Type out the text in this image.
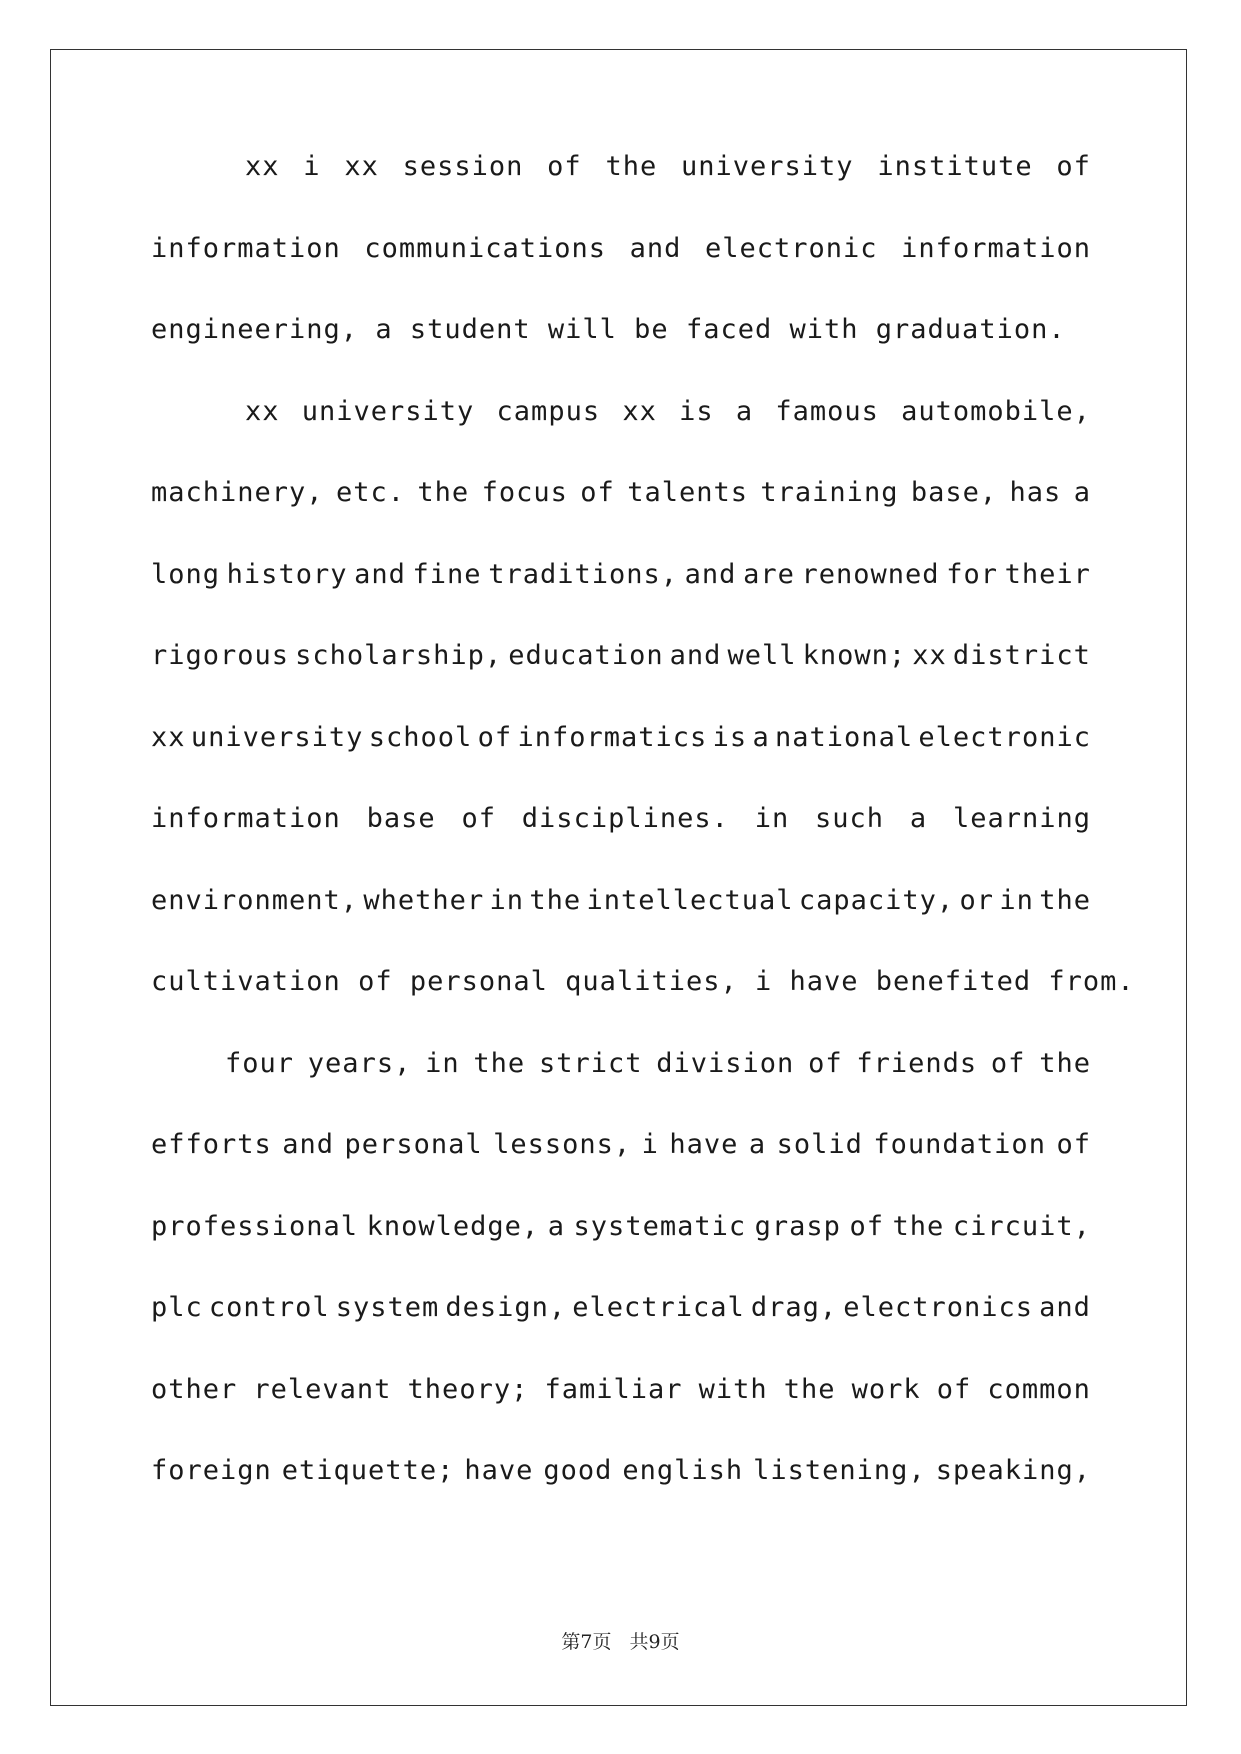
xx i xx session of the university institute of
information communications and electronic information
engineering, a student will be faced with graduation.
xx university campus xx is a famous automobile,
machinery, etc. the focus of talents training base, has a
long history and fine traditions, and are renowned for their
rigorous scholarship, education and well known; xx district
xx university school of informatics is a national electronic
information base of disciplines. in such a learning
environment, whether in the intellectual capacity, or in the
cultivation of personal qualities, i have benefited from.
four years, in the strict division of friends of the
efforts and personal lessons, i have a solid foundation of
professional knowledge, a systematic grasp of the circuit,
plc control system design, electrical drag, electronics and
other relevant theory; familiar with the work of common
foreign etiquette; have good english listening, speaking,
第7页 共9页
